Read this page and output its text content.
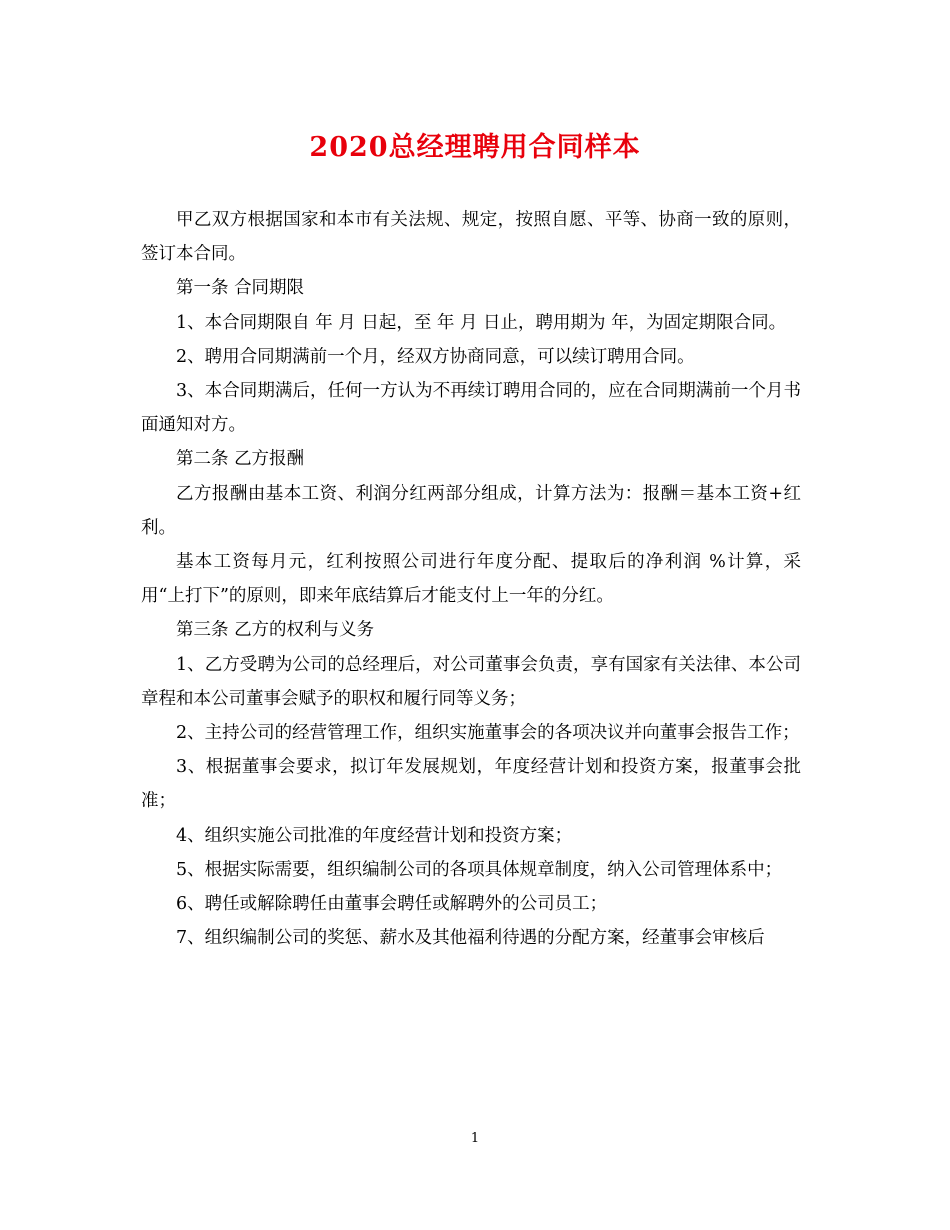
2020总经理聘用合同样本

甲乙双方根据国家和本市有关法规、规定，按照自愿、平等、协商一致的原则，签订本合同。

第一条 合同期限

1、本合同期限自 年 月 日起，至 年 月 日止，聘用期为 年，为固定期限合同。

2、聘用合同期满前一个月，经双方协商同意，可以续订聘用合同。

3、本合同期满后，任何一方认为不再续订聘用合同的，应在合同期满前一个月书面通知对方。

第二条 乙方报酬

乙方报酬由基本工资、利润分红两部分组成，计算方法为：报酬＝基本工资+红利。

基本工资每月元，红利按照公司进行年度分配、提取后的净利润 %计算，采用“上打下”的原则，即来年底结算后才能支付上一年的分红。

第三条 乙方的权利与义务

1、乙方受聘为公司的总经理后，对公司董事会负责，享有国家有关法律、本公司章程和本公司董事会赋予的职权和履行同等义务；

2、主持公司的经营管理工作，组织实施董事会的各项决议并向董事会报告工作；

3、根据董事会要求，拟订年发展规划，年度经营计划和投资方案，报董事会批准；

4、组织实施公司批准的年度经营计划和投资方案；

5、根据实际需要，组织编制公司的各项具体规章制度，纳入公司管理体系中；

6、聘任或解除聘任由董事会聘任或解聘外的公司员工；

7、组织编制公司的奖惩、薪水及其他福利待遇的分配方案，经董事会审核后

1
